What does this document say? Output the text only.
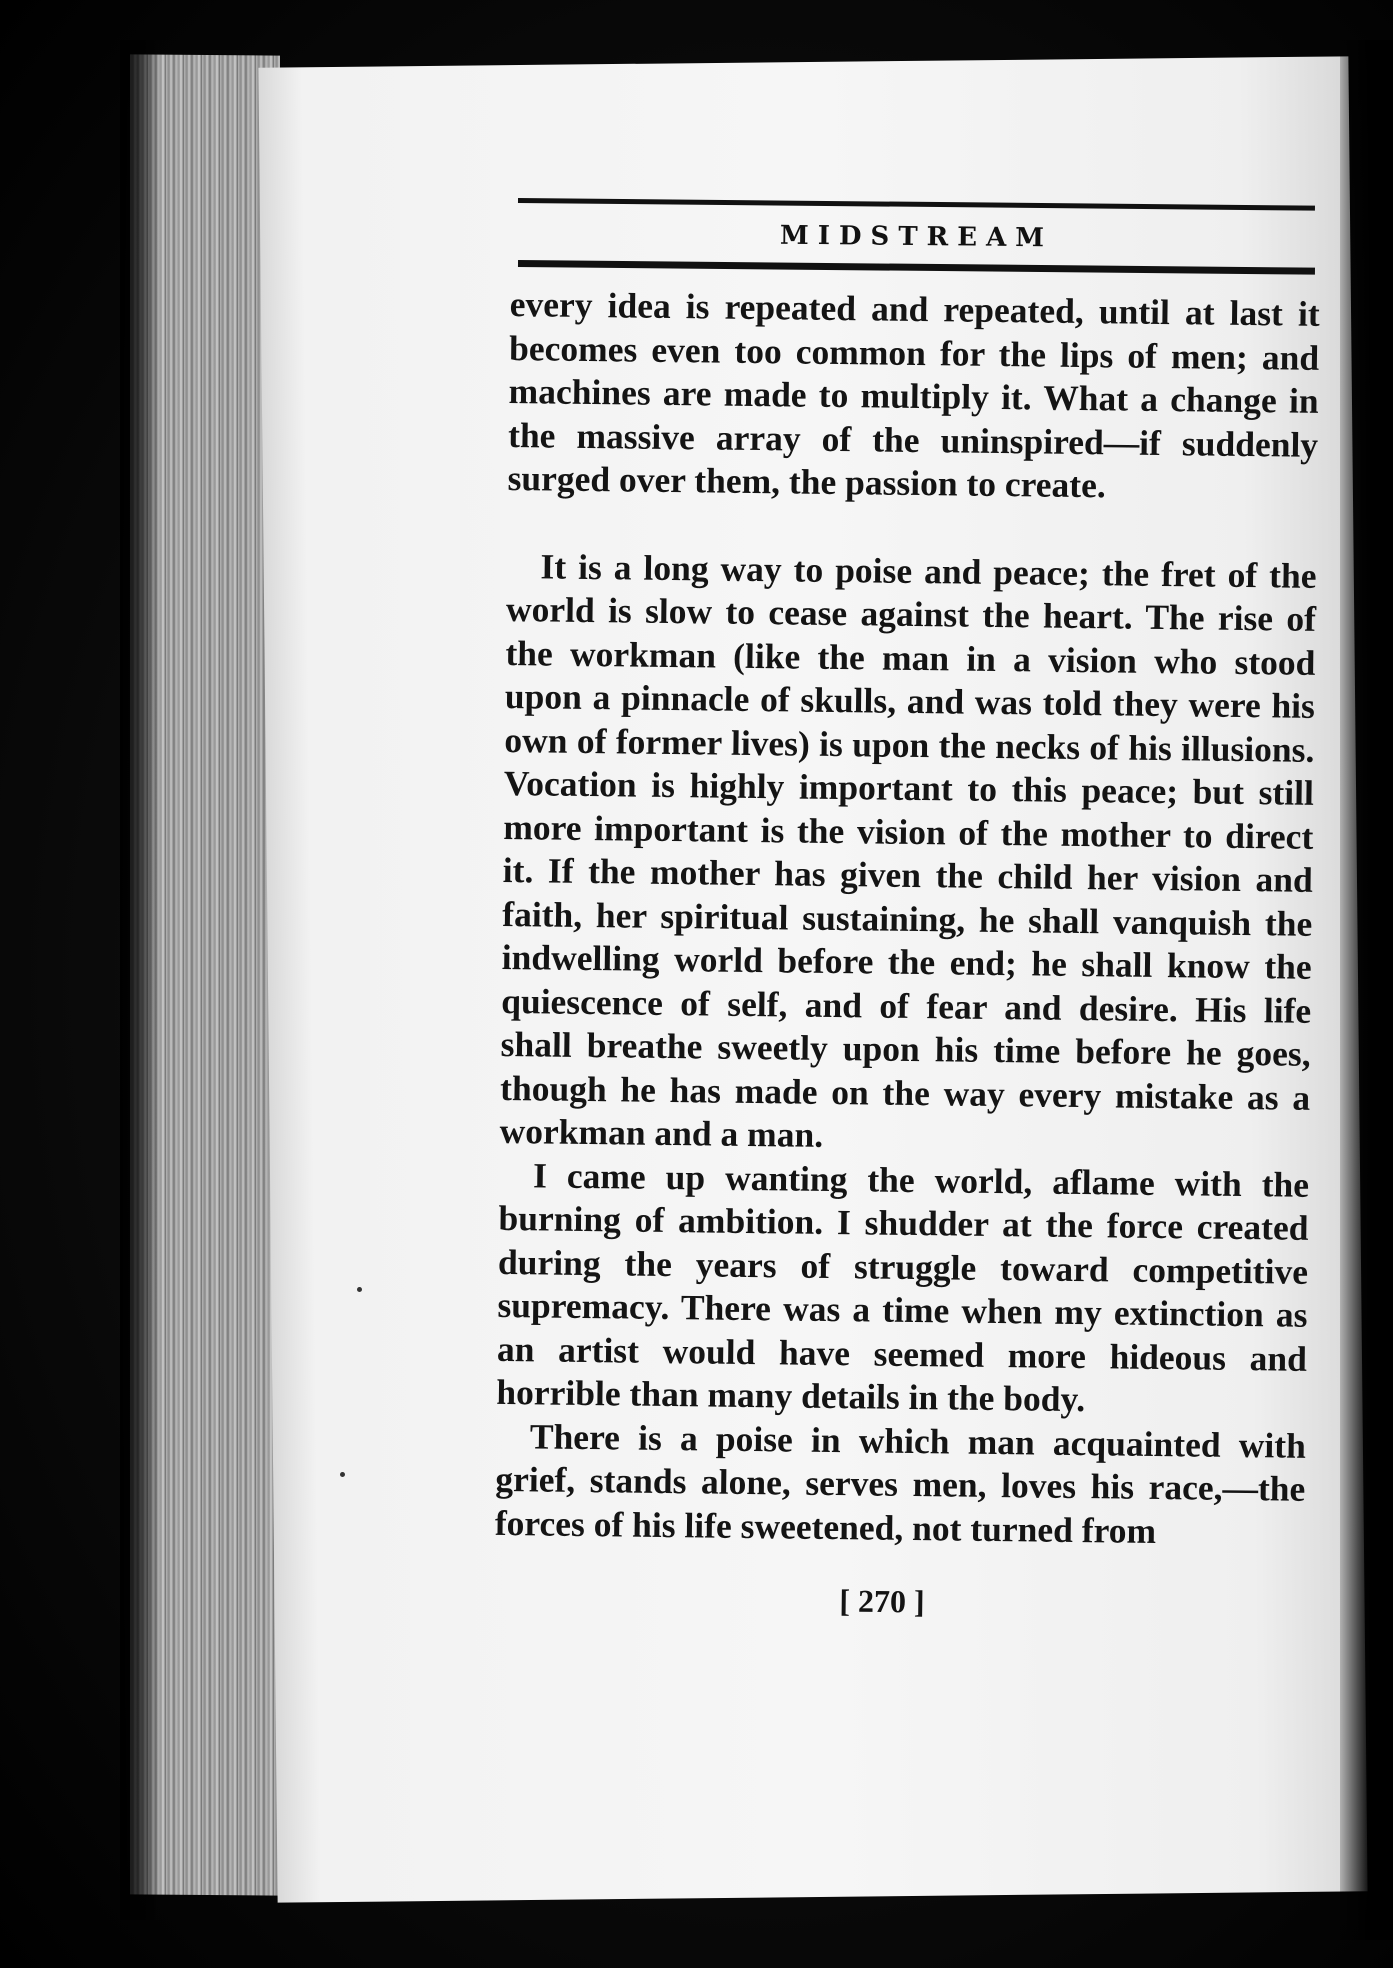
MIDSTREAM

every idea is repeated and repeated, until at last it becomes even too common for the lips of men; and machines are made to multiply it. What a change in the massive array of the uninspired—if suddenly surged over them, the passion to create.

It is a long way to poise and peace; the fret of the world is slow to cease against the heart. The rise of the workman (like the man in a vision who stood upon a pinnacle of skulls, and was told they were his own of former lives) is upon the necks of his illusions. Vocation is highly important to this peace; but still more important is the vision of the mother to direct it. If the mother has given the child her vision and faith, her spiritual sustaining, he shall vanquish the indwelling world before the end; he shall know the quiescence of self, and of fear and desire. His life shall breathe sweetly upon his time before he goes, though he has made on the way every mistake as a workman and a man.

I came up wanting the world, aflame with the burning of ambition. I shudder at the force created during the years of struggle toward competitive supremacy. There was a time when my extinction as an artist would have seemed more hideous and horrible than many details in the body.

There is a poise in which man acquainted with grief, stands alone, serves men, loves his race,—the forces of his life sweetened, not turned from

[ 270 ]
